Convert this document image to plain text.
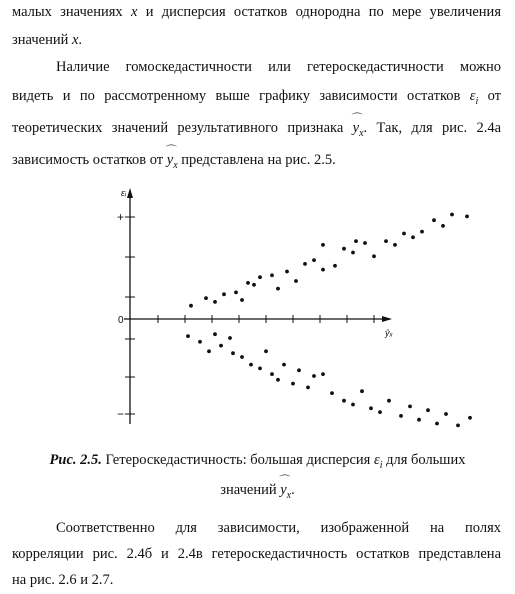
малых значениях x и дисперсия остатков однородна по мере увеличения
значений x.
Наличие гомоскедастичности или гетероскедастичности можно
видеть и по рассмотренному выше графику зависимости остатков $\varepsilon_i$ от
теоретических значений результативного признака ⌒ $y_x$. Так, для рис. 2.4а
зависимость остатков от ⌒ $y_x$ представлена на рис. 2.5.
εᵢ
ŷₓ
0
+
−
Рис. 2.5. Гетероскедастичность: большая дисперсия $\varepsilon_i$ для больших
значений ⌒ $y_x$.
Соответственно для зависимости, изображенной на полях
корреляции рис. 2.4б и 2.4в гетероскедастичность остатков представлена
на рис. 2.6 и 2.7.
